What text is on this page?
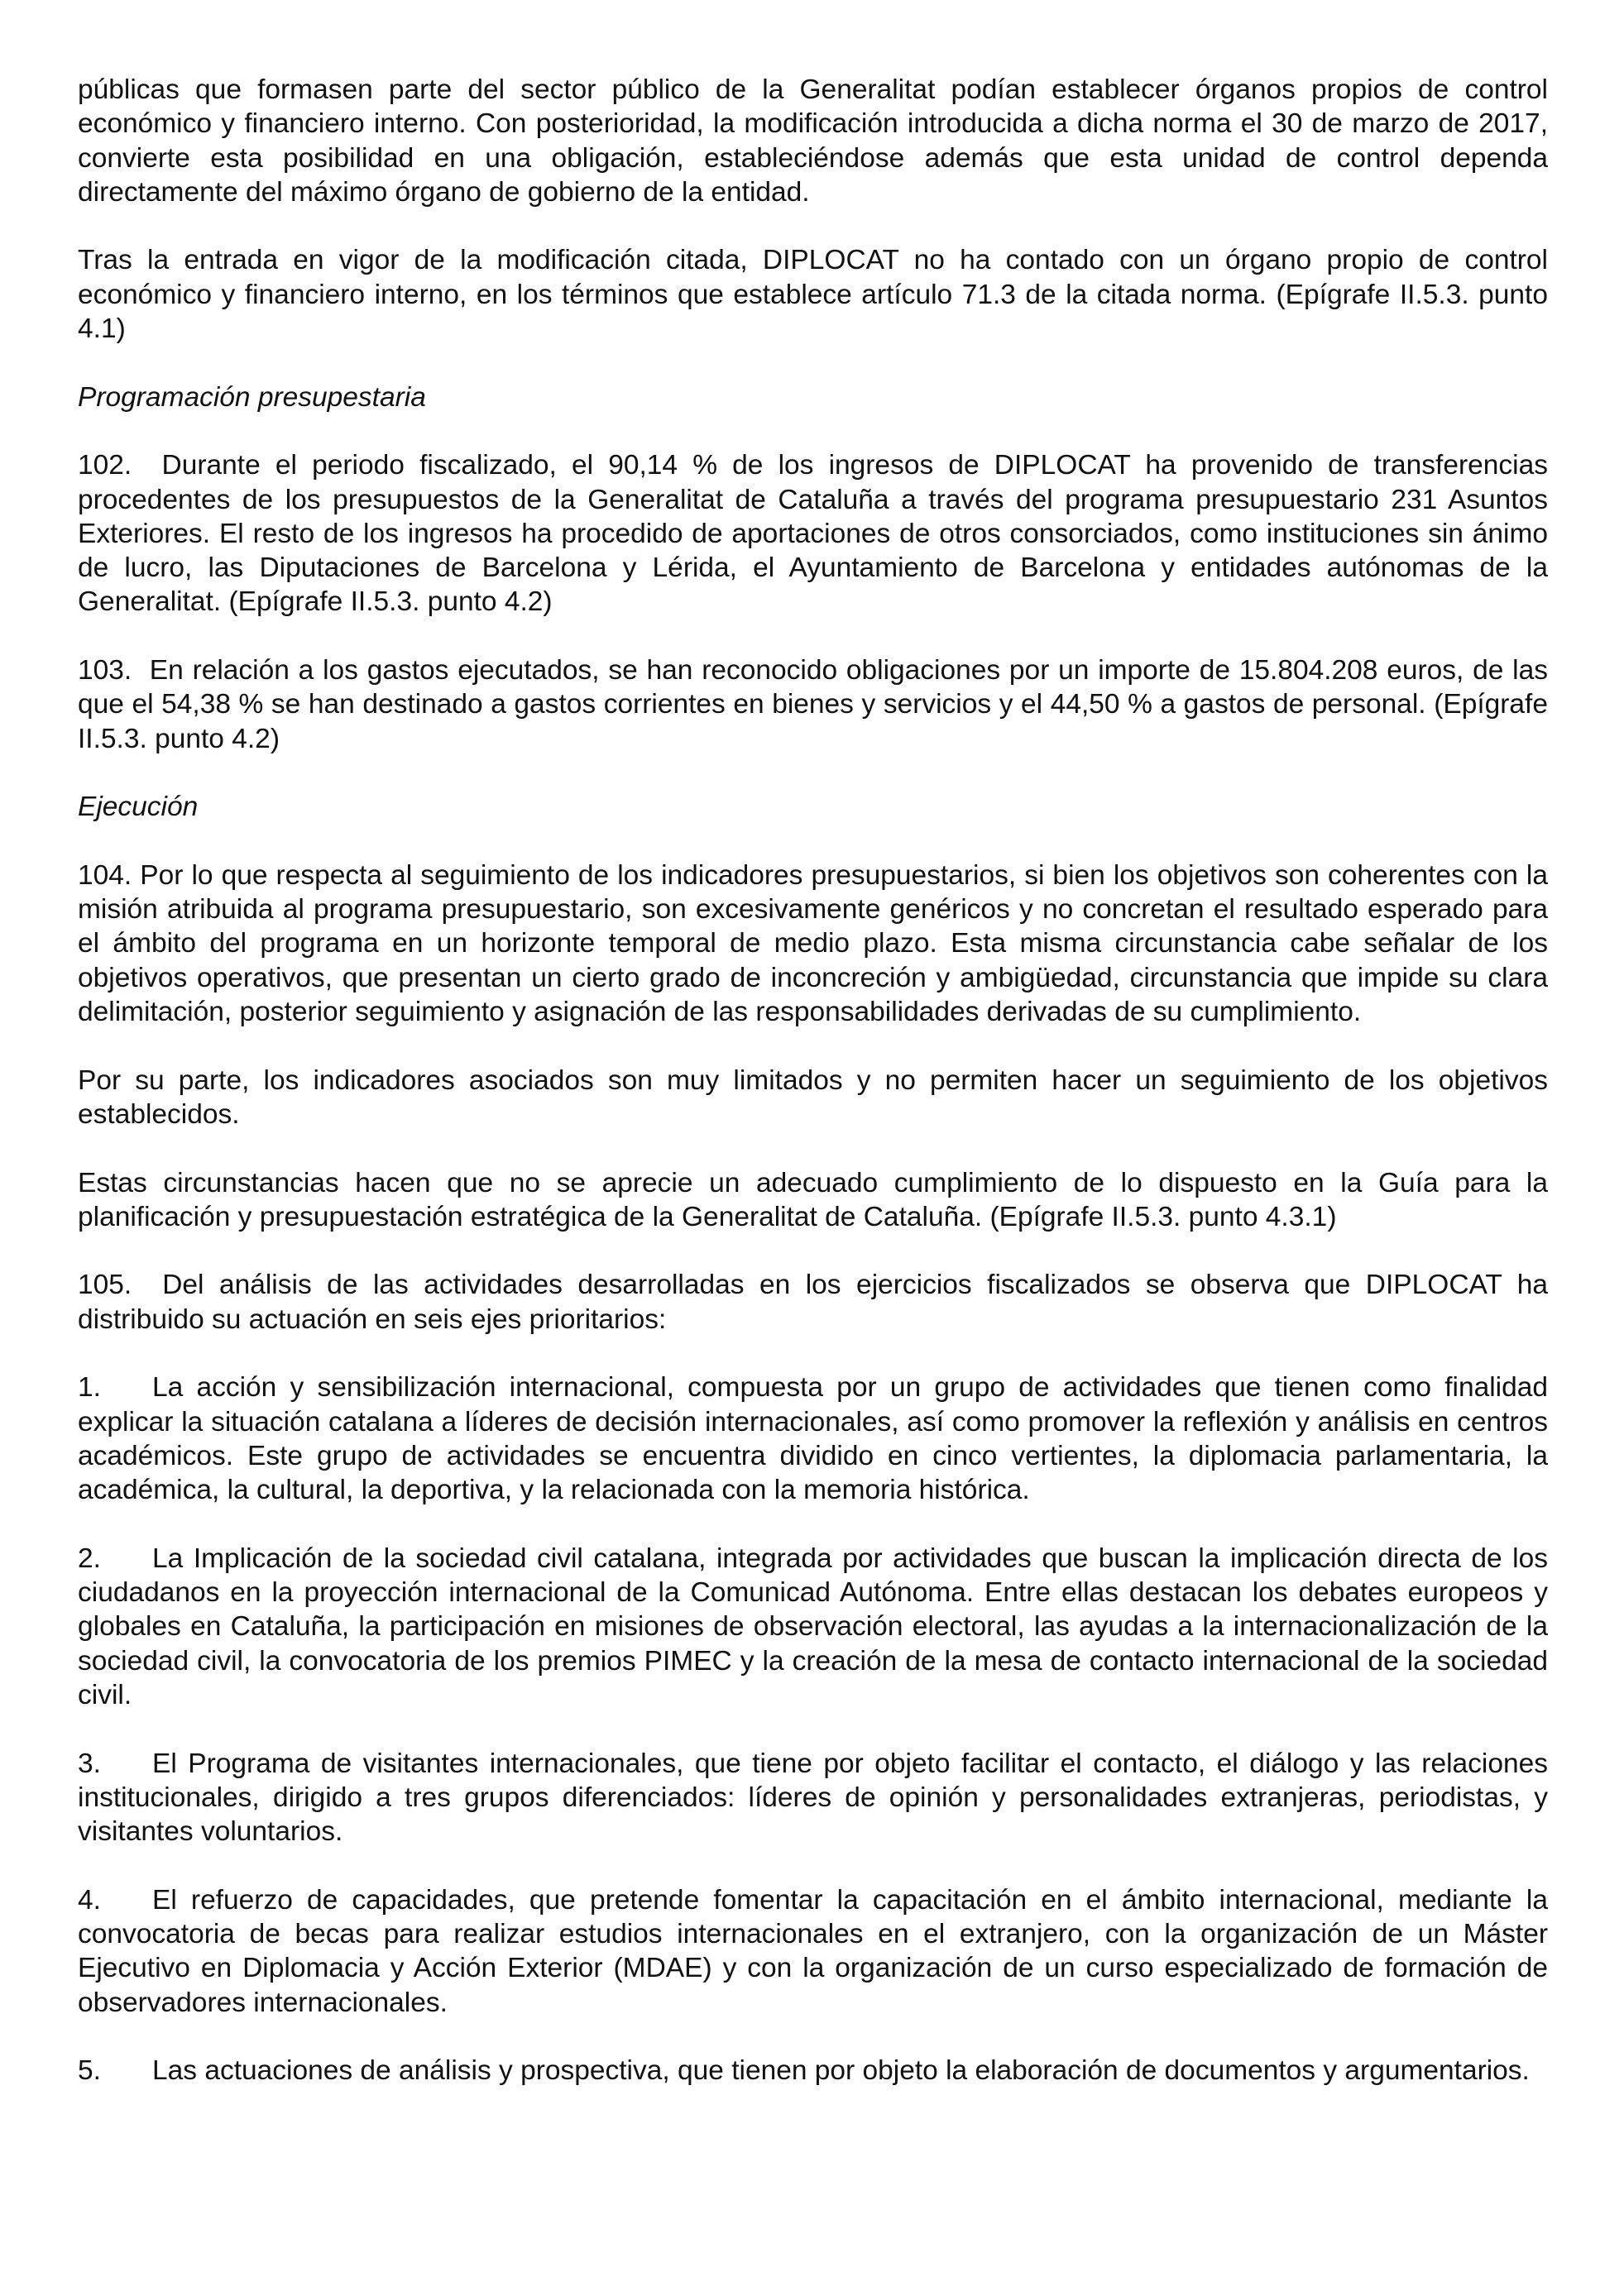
públicas que formasen parte del sector público de la Generalitat podían establecer órganos propios de control económico y financiero interno. Con posterioridad, la modificación introducida a dicha norma el 30 de marzo de 2017, convierte esta posibilidad en una obligación, estableciéndose además que esta unidad de control dependa directamente del máximo órgano de gobierno de la entidad.

Tras la entrada en vigor de la modificación citada, DIPLOCAT no ha contado con un órgano propio de control económico y financiero interno, en los términos que establece artículo 71.3 de la citada norma. (Epígrafe II.5.3. punto 4.1)

Programación presupestaria

102. Durante el periodo fiscalizado, el 90,14 % de los ingresos de DIPLOCAT ha provenido de transferencias procedentes de los presupuestos de la Generalitat de Cataluña a través del programa presupuestario 231 Asuntos Exteriores. El resto de los ingresos ha procedido de aportaciones de otros consorciados, como instituciones sin ánimo de lucro, las Diputaciones de Barcelona y Lérida, el Ayuntamiento de Barcelona y entidades autónomas de la Generalitat. (Epígrafe II.5.3. punto 4.2)

103. En relación a los gastos ejecutados, se han reconocido obligaciones por un importe de 15.804.208 euros, de las que el 54,38 % se han destinado a gastos corrientes en bienes y servicios y el 44,50 % a gastos de personal. (Epígrafe II.5.3. punto 4.2)

Ejecución

104. Por lo que respecta al seguimiento de los indicadores presupuestarios, si bien los objetivos son coherentes con la misión atribuida al programa presupuestario, son excesivamente genéricos y no concretan el resultado esperado para el ámbito del programa en un horizonte temporal de medio plazo. Esta misma circunstancia cabe señalar de los objetivos operativos, que presentan un cierto grado de inconcreción y ambigüedad, circunstancia que impide su clara delimitación, posterior seguimiento y asignación de las responsabilidades derivadas de su cumplimiento.

Por su parte, los indicadores asociados son muy limitados y no permiten hacer un seguimiento de los objetivos establecidos.

Estas circunstancias hacen que no se aprecie un adecuado cumplimiento de lo dispuesto en la Guía para la planificación y presupuestación estratégica de la Generalitat de Cataluña. (Epígrafe II.5.3. punto 4.3.1)

105. Del análisis de las actividades desarrolladas en los ejercicios fiscalizados se observa que DIPLOCAT ha distribuido su actuación en seis ejes prioritarios:

1. La acción y sensibilización internacional, compuesta por un grupo de actividades que tienen como finalidad explicar la situación catalana a líderes de decisión internacionales, así como promover la reflexión y análisis en centros académicos. Este grupo de actividades se encuentra dividido en cinco vertientes, la diplomacia parlamentaria, la académica, la cultural, la deportiva, y la relacionada con la memoria histórica.

2. La Implicación de la sociedad civil catalana, integrada por actividades que buscan la implicación directa de los ciudadanos en la proyección internacional de la Comunicad Autónoma. Entre ellas destacan los debates europeos y globales en Cataluña, la participación en misiones de observación electoral, las ayudas a la internacionalización de la sociedad civil, la convocatoria de los premios PIMEC y la creación de la mesa de contacto internacional de la sociedad civil.

3. El Programa de visitantes internacionales, que tiene por objeto facilitar el contacto, el diálogo y las relaciones institucionales, dirigido a tres grupos diferenciados: líderes de opinión y personalidades extranjeras, periodistas, y visitantes voluntarios.

4. El refuerzo de capacidades, que pretende fomentar la capacitación en el ámbito internacional, mediante la convocatoria de becas para realizar estudios internacionales en el extranjero, con la organización de un Máster Ejecutivo en Diplomacia y Acción Exterior (MDAE) y con la organización de un curso especializado de formación de observadores internacionales.

5. Las actuaciones de análisis y prospectiva, que tienen por objeto la elaboración de documentos y argumentarios.
